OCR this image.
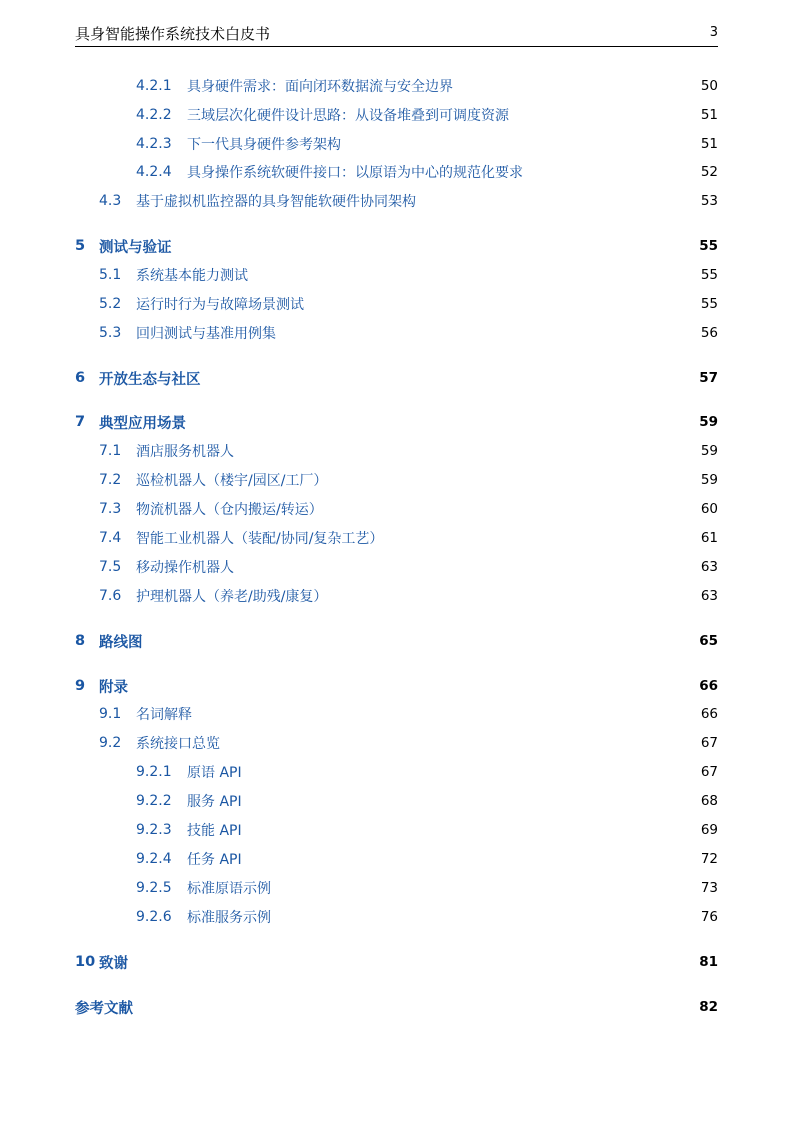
具身智能操作系统技术白皮书	3
4.2.1	具身硬件需求：面向闭环数据流与安全边界	50
4.2.2	三域层次化硬件设计思路：从设备堆叠到可调度资源	51
4.2.3	下一代具身硬件参考架构	51
4.2.4	具身操作系统软硬件接口：以原语为中心的规范化要求	52
4.3	基于虚拟机监控器的具身智能软硬件协同架构	53
5 测试与验证	55
5.1	系统基本能力测试	55
5.2	运行时行为与故障场景测试	55
5.3	回归测试与基准用例集	56
6 开放生态与社区	57
7 典型应用场景	59
7.1	酒店服务机器人	59
7.2	巡检机器人（楼宇/园区/工厂）	59
7.3	物流机器人（仓内搬运/转运）	60
7.4	智能工业机器人（装配/协同/复杂工艺）	61
7.5	移动操作机器人	63
7.6	护理机器人（养老/助残/康复）	63
8 路线图	65
9 附录	66
9.1	名词解释	66
9.2	系统接口总览	67
9.2.1	原语 API	67
9.2.2	服务 API	68
9.2.3	技能 API	69
9.2.4	任务 API	72
9.2.5	标准原语示例	73
9.2.6	标准服务示例	76
10 致谢	81
参考文献	82
